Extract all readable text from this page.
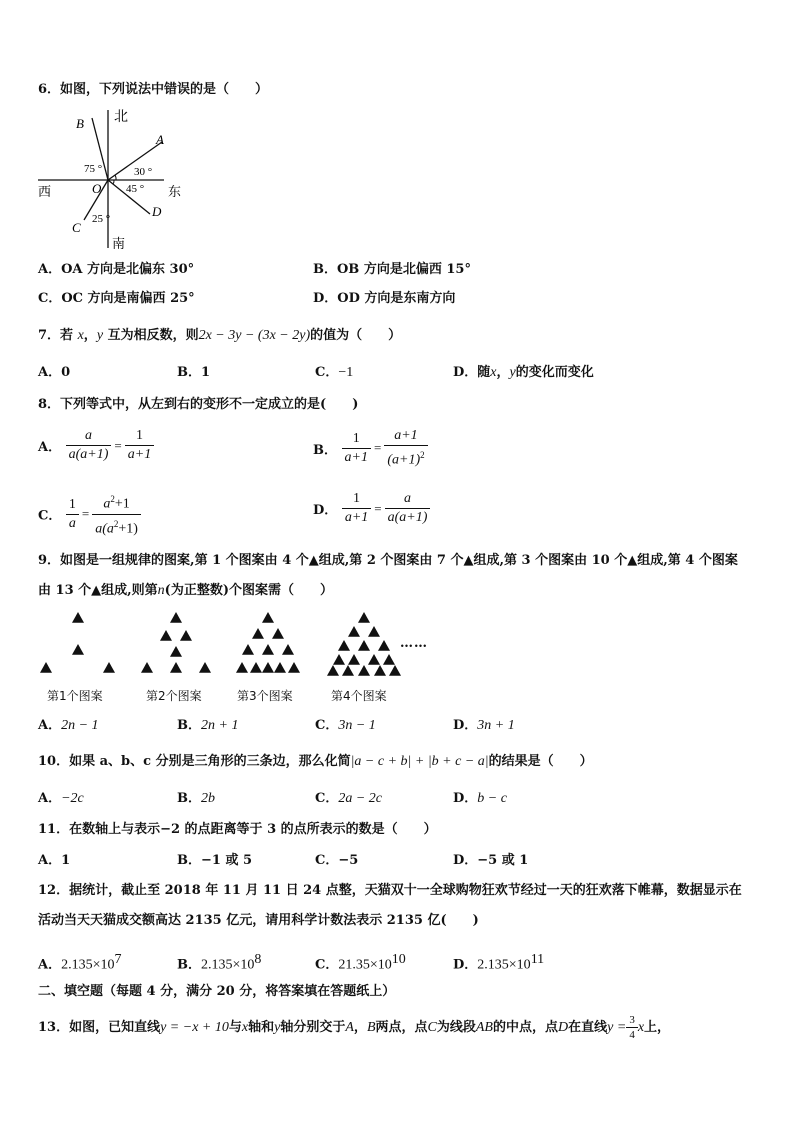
6．如图，下列说法中错误的是（　　）
北
南
西	东
B
A
O
C
D
75 °	30 °
45 °
25 °
A．OA 方向是北偏东 30°	B．OB 方向是北偏西 15°
C．OC 方向是南偏西 25°	D．OD 方向是东南方向
7．若 x，y 互为相反数，则2x − 3y − (3x − 2y)的值为（　　）
A．0	B．1	C．−1	D．随x，y的变化而变化
8．下列等式中，从左到右的变形不一定成立的是(　　)
A． $\frac{a}{a(a+1)} = \frac{1}{a+1}$	B． $\frac{1}{a+1} = \frac{a+1}{(a+1)^2}$
C． $\frac{1}{a} = \frac{a^2+1}{a(a^2+1)}$	D． $\frac{1}{a+1} = \frac{a}{a(a+1)}$
9．如图是一组规律的图案,第 1 个图案由 4 个▲组成,第 2 个图案由 7 个▲组成,第 3 个图案由 10 个▲组成,第 4 个图案
由 13 个▲组成,则第n(为正整数)个图案需（　　）
第1个图案	第2个图案	第3个图案	第4个图案
……
A．2n − 1	B．2n + 1	C．3n − 1	D．3n + 1
10．如果 a、b、c 分别是三角形的三条边，那么化简|a − c + b| + |b + c − a|的结果是（　　）
A．−2c	B．2b	C．2a − 2c	D．b − c
11．在数轴上与表示−2 的点距离等于 3 的点所表示的数是（　　）
A．1	B．−1 或 5	C．−5	D．−5 或 1
12．据统计，截止至 2018 年 11 月 11 日 24 点整，天猫双十一全球购物狂欢节经过一天的狂欢落下帷幕，数据显示在
活动当天天猫成交额高达 2135 亿元，请用科学计数法表示 2135 亿(　　)
A．$2.135\times 10^7$	B．$2.135\times 10^8$	C．$21.35\times 10^{10}$	D．$2.135\times 10^{11}$
二、填空题（每题 4 分，满分 20 分，将答案填在答题纸上）
13．如图，已知直线y = −x + 10与x轴和y轴分别交于A，B两点，点C为线段AB的中点，点D在直线$y = \frac{3}{4}$ x上，
